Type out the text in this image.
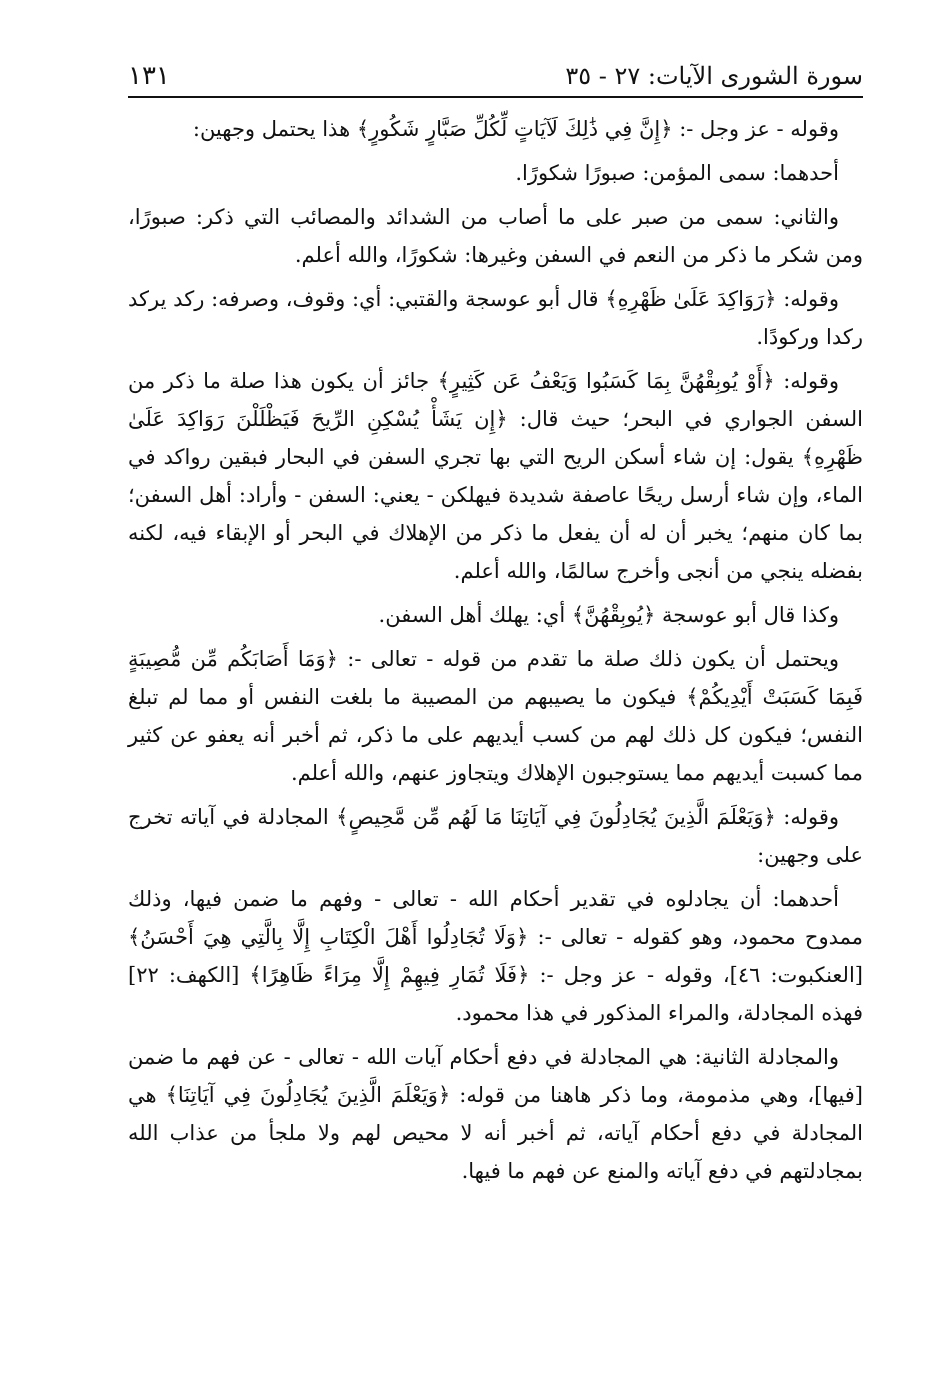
سورة الشورى الآيات: ٢٧ - ٣٥
١٣١

وقوله - عز وجل -: ﴿إِنَّ فِي ذَٰلِكَ لَآيَاتٍ لِّكُلِّ صَبَّارٍ شَكُورٍ﴾ هذا يحتمل وجهين:

أحدهما: سمى المؤمن: صبورًا شكورًا.

والثاني: سمى من صبر على ما أصاب من الشدائد والمصائب التي ذكر: صبورًا، ومن شكر ما ذكر من النعم في السفن وغيرها: شكورًا، والله أعلم.

وقوله: ﴿رَوَاكِدَ عَلَىٰ ظَهْرِهِ﴾ قال أبو عوسجة والقتبي: أي: وقوف، وصرفه: ركد يركد ركدا وركودًا.

وقوله: ﴿أَوْ يُوبِقْهُنَّ بِمَا كَسَبُوا وَيَعْفُ عَن كَثِيرٍ﴾ جائز أن يكون هذا صلة ما ذكر من السفن الجواري في البحر؛ حيث قال: ﴿إِن يَشَأْ يُسْكِنِ الرِّيحَ فَيَظْلَلْنَ رَوَاكِدَ عَلَىٰ ظَهْرِهِ﴾ يقول: إن شاء أسكن الريح التي بها تجري السفن في البحار فبقين رواكد في الماء، وإن شاء أرسل ريحًا عاصفة شديدة فيهلكن - يعني: السفن - وأراد: أهل السفن؛ بما كان منهم؛ يخبر أن له أن يفعل ما ذكر من الإهلاك في البحر أو الإبقاء فيه، لكنه بفضله ينجي من أنجى وأخرج سالمًا، والله أعلم.

وكذا قال أبو عوسجة ﴿يُوبِقْهُنَّ﴾ أي: يهلك أهل السفن.

ويحتمل أن يكون ذلك صلة ما تقدم من قوله - تعالى -: ﴿وَمَا أَصَابَكُم مِّن مُّصِيبَةٍ فَبِمَا كَسَبَتْ أَيْدِيكُمْ﴾ فيكون ما يصيبهم من المصيبة ما بلغت النفس أو مما لم تبلغ النفس؛ فيكون كل ذلك لهم من كسب أيديهم على ما ذكر، ثم أخبر أنه يعفو عن كثير مما كسبت أيديهم مما يستوجبون الإهلاك ويتجاوز عنهم، والله أعلم.

وقوله: ﴿وَيَعْلَمَ الَّذِينَ يُجَادِلُونَ فِي آيَاتِنَا مَا لَهُم مِّن مَّحِيصٍ﴾ المجادلة في آياته تخرج على وجهين:

أحدهما: أن يجادلوه في تقدير أحكام الله - تعالى - وفهم ما ضمن فيها، وذلك ممدوح محمود، وهو كقوله - تعالى -: ﴿وَلَا تُجَادِلُوا أَهْلَ الْكِتَابِ إِلَّا بِالَّتِي هِيَ أَحْسَنُ﴾ [العنكبوت: ٤٦]، وقوله - عز وجل -: ﴿فَلَا تُمَارِ فِيهِمْ إِلَّا مِرَاءً ظَاهِرًا﴾ [الكهف: ٢٢] فهذه المجادلة، والمراء المذكور في هذا محمود.

والمجادلة الثانية: هي المجادلة في دفع أحكام آيات الله - تعالى - عن فهم ما ضمن [فيها]، وهي مذمومة، وما ذكر هاهنا من قوله: ﴿وَيَعْلَمَ الَّذِينَ يُجَادِلُونَ فِي آيَاتِنَا﴾ هي المجادلة في دفع أحكام آياته، ثم أخبر أنه لا محيص لهم ولا ملجأ من عذاب الله بمجادلتهم في دفع آياته والمنع عن فهم ما فيها.
